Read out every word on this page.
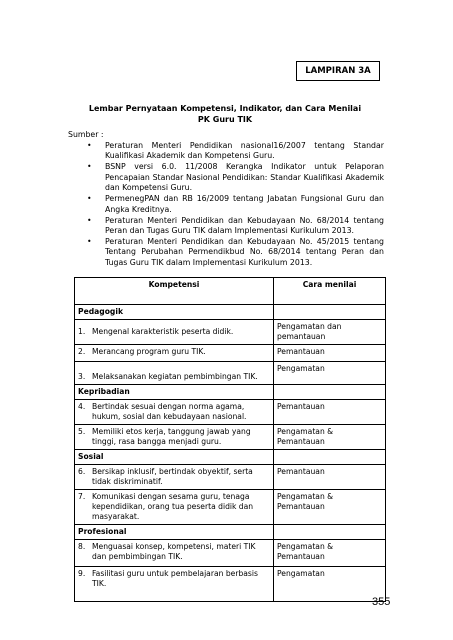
LAMPIRAN 3A
Lembar Pernyataan Kompetensi, Indikator, dan Cara Menilai
PK Guru TIK
Sumber :
• Peraturan Menteri Pendidikan nasional16/2007 tentang Standar Kualifikasi Akademik dan Kompetensi Guru.
• BSNP versi 6.0. 11/2008 Kerangka Indikator untuk Pelaporan Pencapaian Standar Nasional Pendidikan: Standar Kualifikasi Akademik dan Kompetensi Guru.
• PermenegPAN dan RB 16/2009 tentang Jabatan Fungsional Guru dan Angka Kreditnya.
• Peraturan Menteri Pendidikan dan Kebudayaan No. 68/2014 tentang Peran dan Tugas Guru TIK dalam Implementasi Kurikulum 2013.
• Peraturan Menteri Pendidikan dan Kebudayaan No. 45/2015 tentang Tentang Perubahan Permendikbud No. 68/2014 tentang Peran dan Tugas Guru TIK dalam Implementasi Kurikulum 2013.
Kompetensi	Cara menilai
Pedagogik	

1. Mengenal karakteristik peserta didik.	Pengamatan dan pemantauan

2. Merancang program guru TIK.	Pemantauan

3. Melaksanakan kegiatan pembimbingan TIK.	Pengamatan
Kepribadian	

4. Bertindak sesuai dengan norma agama, hukum, sosial dan kebudayaan nasional.	Pemantauan

5. Memiliki etos kerja, tanggung jawab yang tinggi, rasa bangga menjadi guru.	Pengamatan & Pemantauan
Sosial	

6. Bersikap inklusif, bertindak obyektif, serta tidak diskriminatif.	Pemantauan

7. Komunikasi dengan sesama guru, tenaga kependidikan, orang tua peserta didik dan masyarakat.	Pengamatan & Pemantauan
Profesional	

8. Menguasai konsep, kompetensi, materi TIK dan pembimbingan TIK.	Pengamatan & Pemantauan

9. Fasilitasi guru untuk pembelajaran berbasis TIK.	Pengamatan
355
